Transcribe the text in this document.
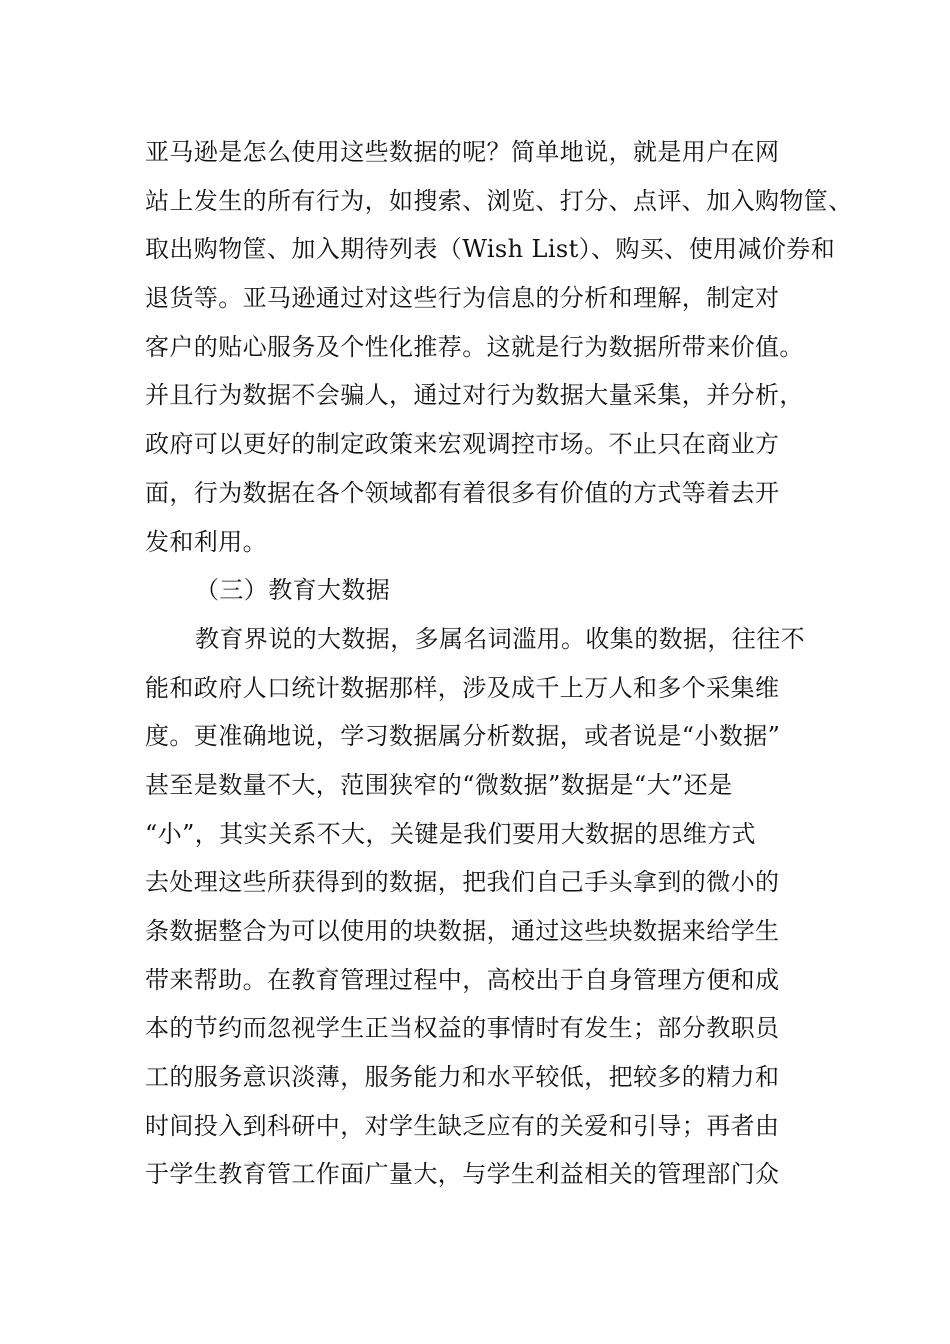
亚马逊是怎么使用这些数据的呢？简单地说，就是用户在网
站上发生的所有行为，如搜索、浏览、打分、点评、加入购物筐、
取出购物筐、加入期待列表（Wish List）、购买、使用减价券和
退货等。亚马逊通过对这些行为信息的分析和理解，制定对
客户的贴心服务及个性化推荐。这就是行为数据所带来价值。
并且行为数据不会骗人，通过对行为数据大量采集，并分析，
政府可以更好的制定政策来宏观调控市场。不止只在商业方
面，行为数据在各个领域都有着很多有价值的方式等着去开
发和利用。
（三）教育大数据
教育界说的大数据，多属名词滥用。收集的数据，往往不
能和政府人口统计数据那样，涉及成千上万人和多个采集维
度。更准确地说，学习数据属分析数据，或者说是“小数据”
甚至是数量不大，范围狭窄的“微数据”数据是“大”还是
“小”，其实关系不大，关键是我们要用大数据的思维方式
去处理这些所获得到的数据，把我们自己手头拿到的微小的
条数据整合为可以使用的块数据，通过这些块数据来给学生
带来帮助。在教育管理过程中，高校出于自身管理方便和成
本的节约而忽视学生正当权益的事情时有发生；部分教职员
工的服务意识淡薄，服务能力和水平较低，把较多的精力和
时间投入到科研中，对学生缺乏应有的关爱和引导；再者由
于学生教育管工作面广量大，与学生利益相关的管理部门众
